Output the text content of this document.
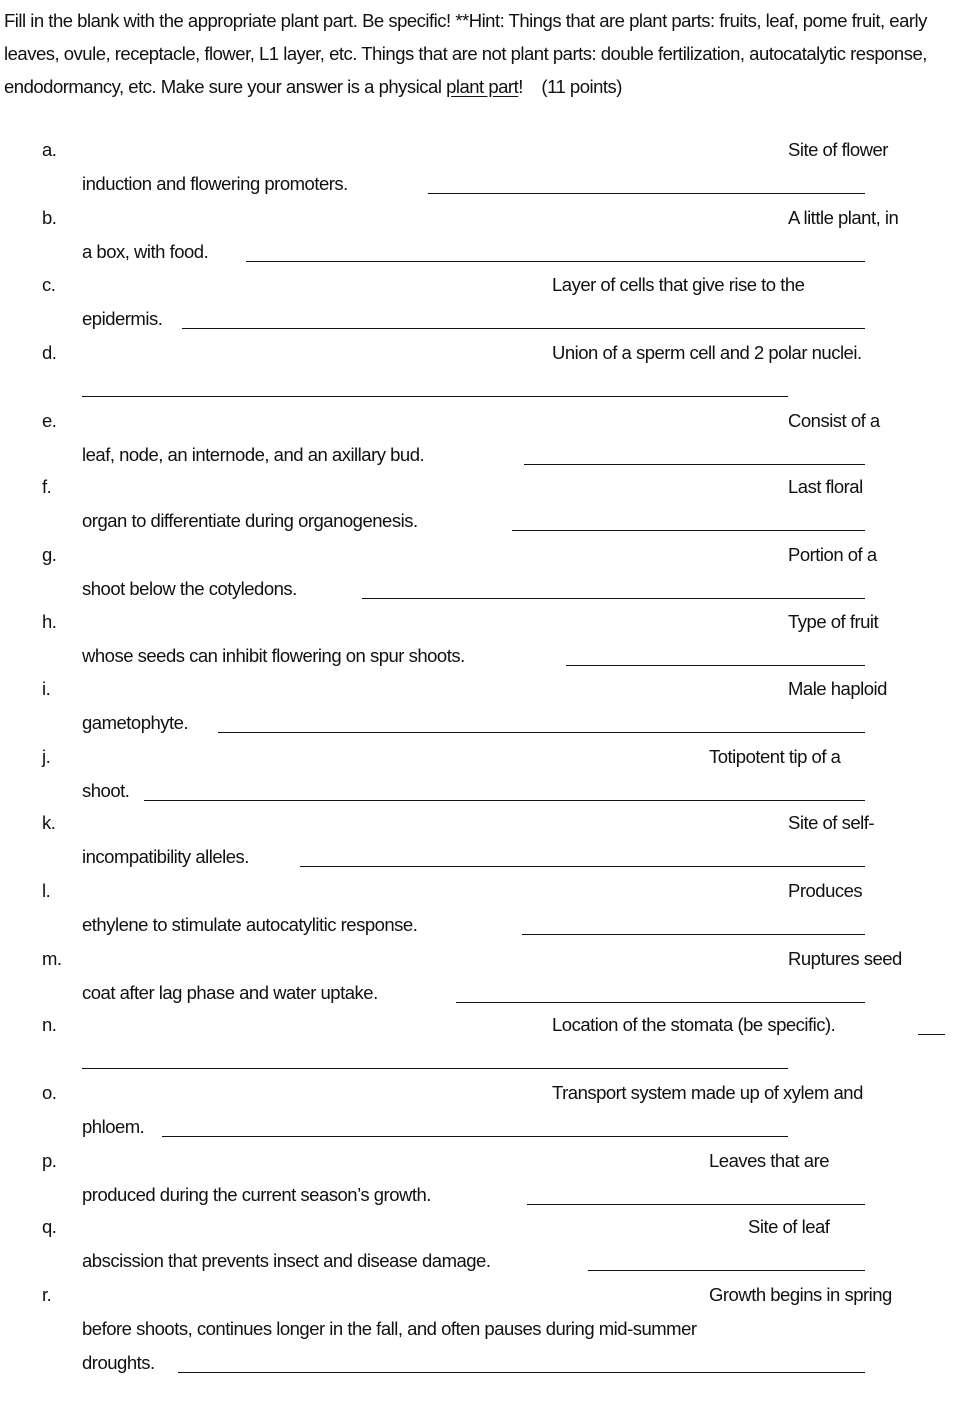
Fill in the blank with the appropriate plant part. Be specific! **Hint: Things that are plant parts: fruits, leaf, pome fruit, early leaves, ovule, receptacle, flower, L1 layer, etc. Things that are not plant parts: double fertilization, autocatalytic response, endodormancy, etc. Make sure your answer is a physical plant part! (11 points)
a.	Site of flower
induction and flowering promoters.
b.	A little plant, in
a box, with food.
c.	Layer of cells that give rise to the
epidermis.
d.	Union of a sperm cell and 2 polar nuclei.
e.	Consist of a
leaf, node, an internode, and an axillary bud.
f.	Last floral
organ to differentiate during organogenesis.
g.	Portion of a
shoot below the cotyledons.
h.	Type of fruit
whose seeds can inhibit flowering on spur shoots.
i.	Male haploid
gametophyte.
j.	Totipotent tip of a
shoot.
k.	Site of self-
incompatibility alleles.
l.	Produces
ethylene to stimulate autocatylitic response.
m.	Ruptures seed
coat after lag phase and water uptake.
n.	Location of the stomata (be specific).
o.	Transport system made up of xylem and
phloem.
p.	Leaves that are
produced during the current season’s growth.
q.	Site of leaf
abscission that prevents insect and disease damage.
r.	Growth begins in spring
before shoots, continues longer in the fall, and often pauses during mid-summer
droughts.
